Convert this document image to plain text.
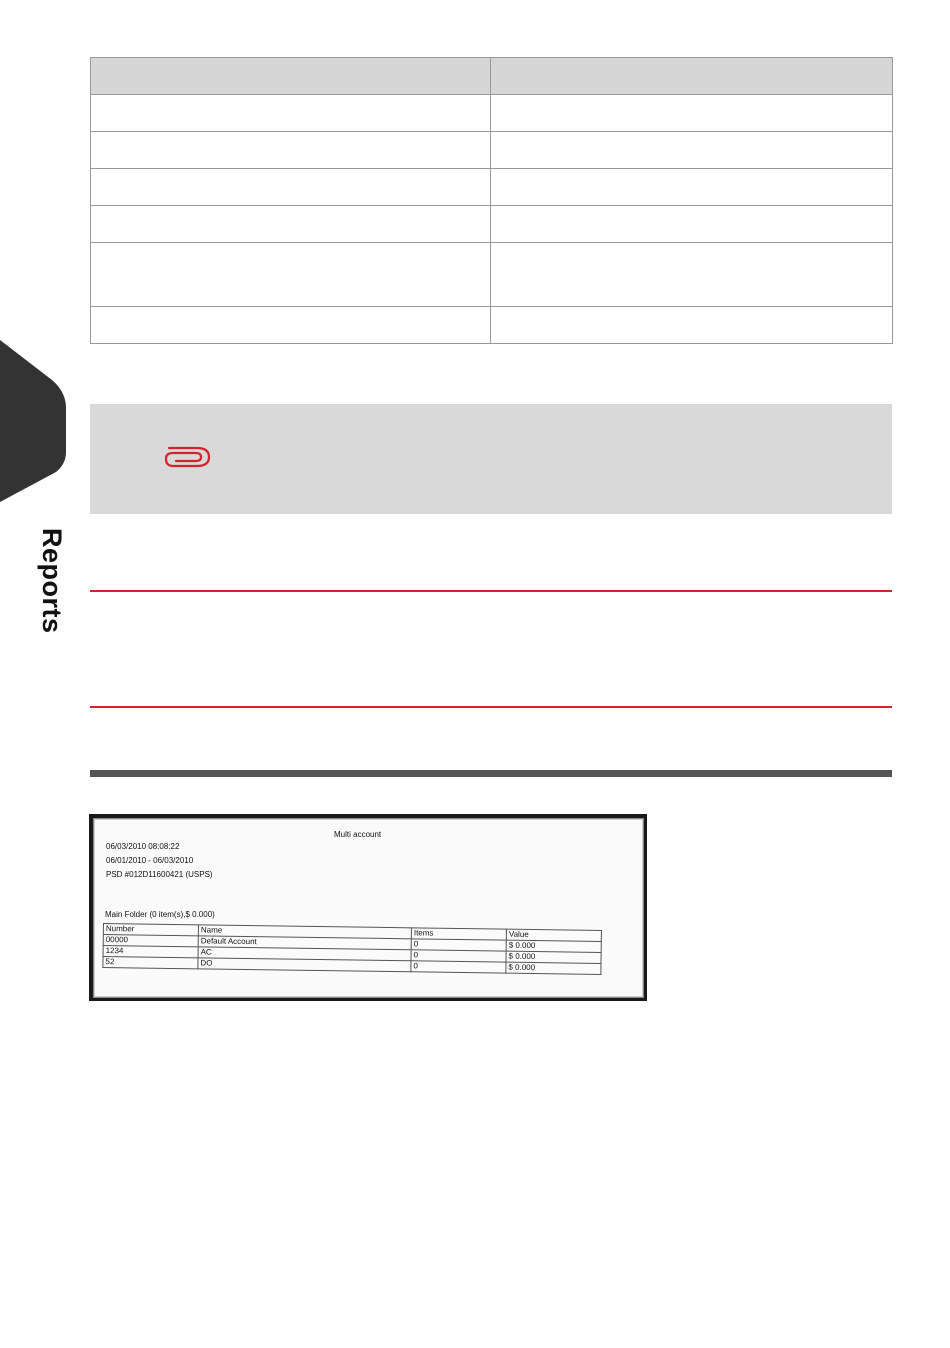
Reports

Multi account
06/03/2010 08:08:22
06/01/2010 - 06/03/2010
PSD #012D11600421 (USPS)
Main Folder (0 item(s),$ 0.000)
Number	Name	Items	Value
00000	Default Account	0	$ 0.000
1234	AC	0	$ 0.000
52	DO	0	$ 0.000
